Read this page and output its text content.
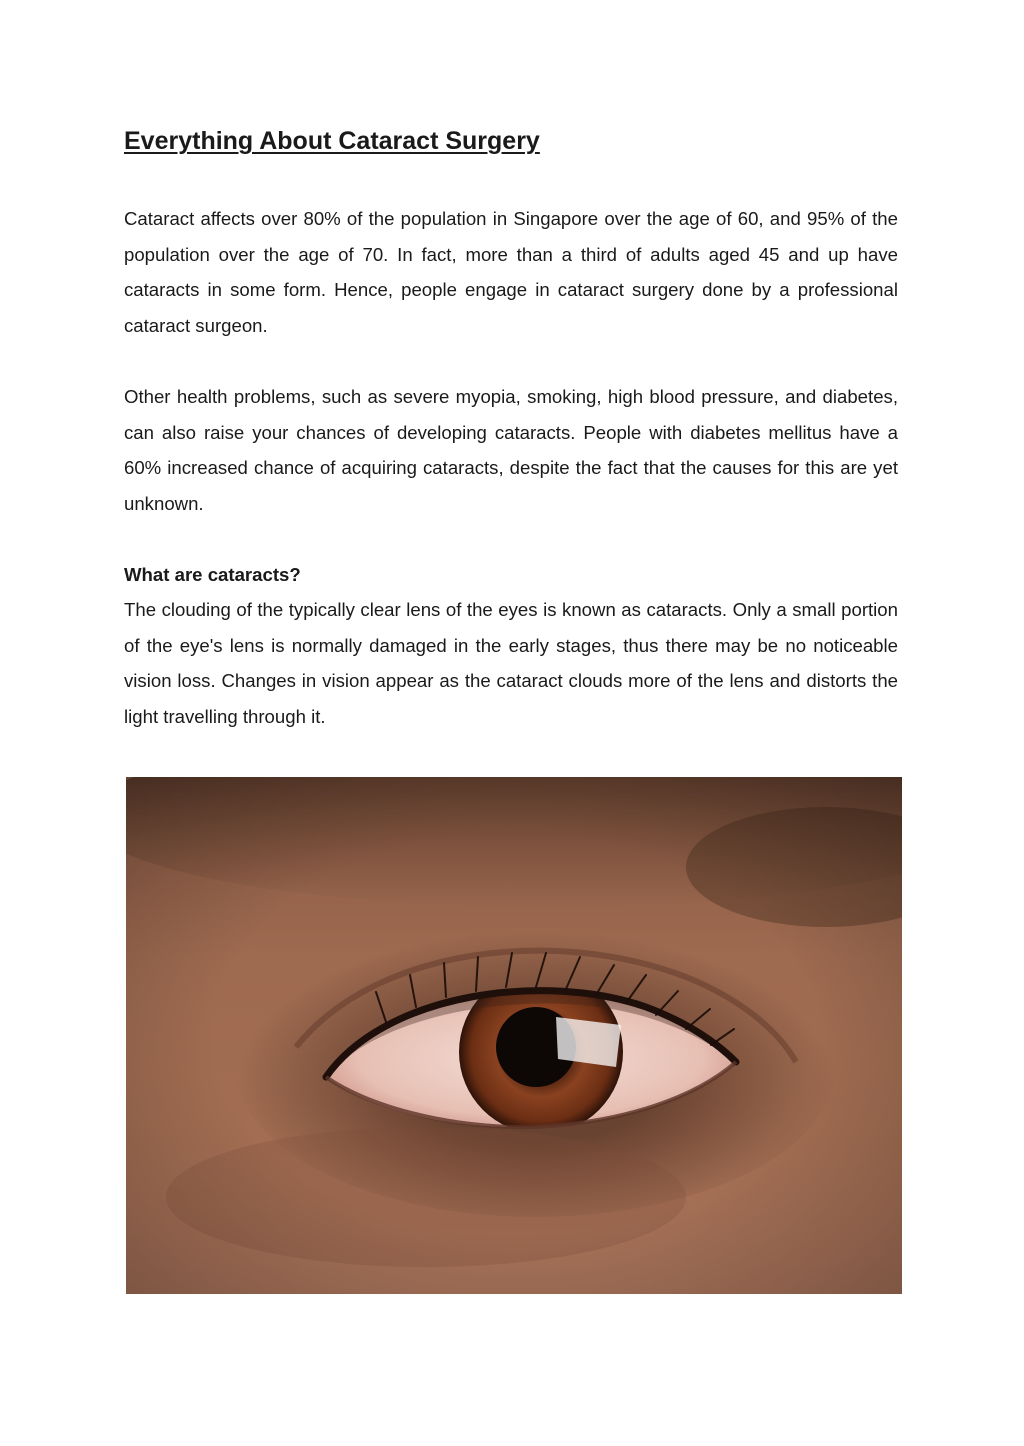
Everything About Cataract Surgery

Cataract affects over 80% of the population in Singapore over the age of 60, and 95% of the population over the age of 70. In fact, more than a third of adults aged 45 and up have cataracts in some form. Hence, people engage in cataract surgery done by a professional cataract surgeon.

Other health problems, such as severe myopia, smoking, high blood pressure, and diabetes, can also raise your chances of developing cataracts. People with diabetes mellitus have a 60% increased chance of acquiring cataracts, despite the fact that the causes for this are yet unknown.

What are cataracts?

The clouding of the typically clear lens of the eyes is known as cataracts. Only a small portion of the eye's lens is normally damaged in the early stages, thus there may be no noticeable vision loss. Changes in vision appear as the cataract clouds more of the lens and distorts the light travelling through it.
